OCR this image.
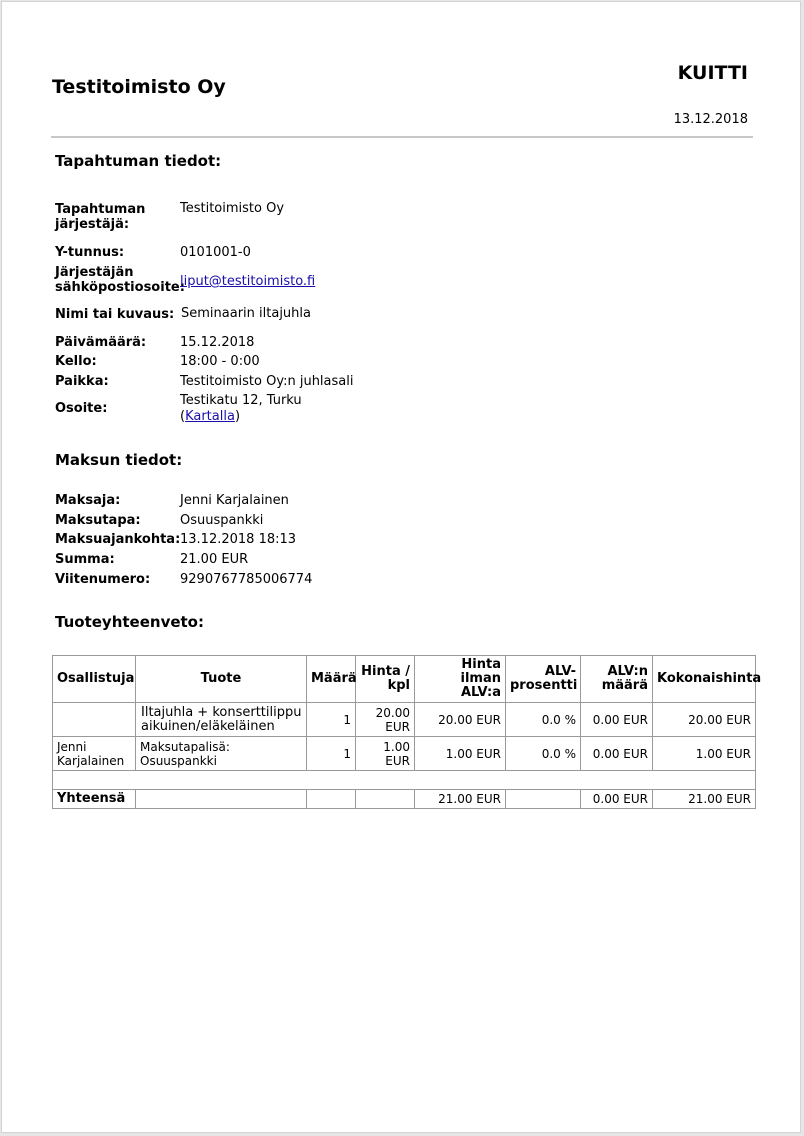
Testitoimisto Oy
KUITTI
13.12.2018
Tapahtuman tiedot:
Tapahtuman järjestäjä:
Testitoimisto Oy
Y-tunnus:	0101001-0
Järjestäjän sähköpostiosoite:
liput@testitoimisto.fi
Nimi tai kuvaus: Seminaarin iltajuhla
Päivämäärä:	15.12.2018
Kello:	18:00 - 0:00
Paikka:	Testitoimisto Oy:n juhlasali
Osoite:
Testikatu 12, Turku
(Kartalla)
Maksun tiedot:
Maksaja:	Jenni Karjalainen
Maksutapa:	Osuuspankki
Maksuajankohta: 13.12.2018 18:13
Summa:	21.00 EUR
Viitenumero:	9290767785006774
Tuoteyhteenveto:
Osallistuja	Tuote	Määrä	Hinta / kpl	Hinta ilman ALV:a	ALV-prosentti	ALV:n määrä	Kokonaishinta
	Iltajuhla + konserttilippu aikuinen/eläkeläinen	1	20.00 EUR	20.00 EUR	0.0 %	0.00 EUR	20.00 EUR
Jenni Karjalainen	Maksutapalisä: Osuuspankki	1	1.00 EUR	1.00 EUR	0.0 %	0.00 EUR	1.00 EUR

Yhteensä				21.00 EUR		0.00 EUR	21.00 EUR
